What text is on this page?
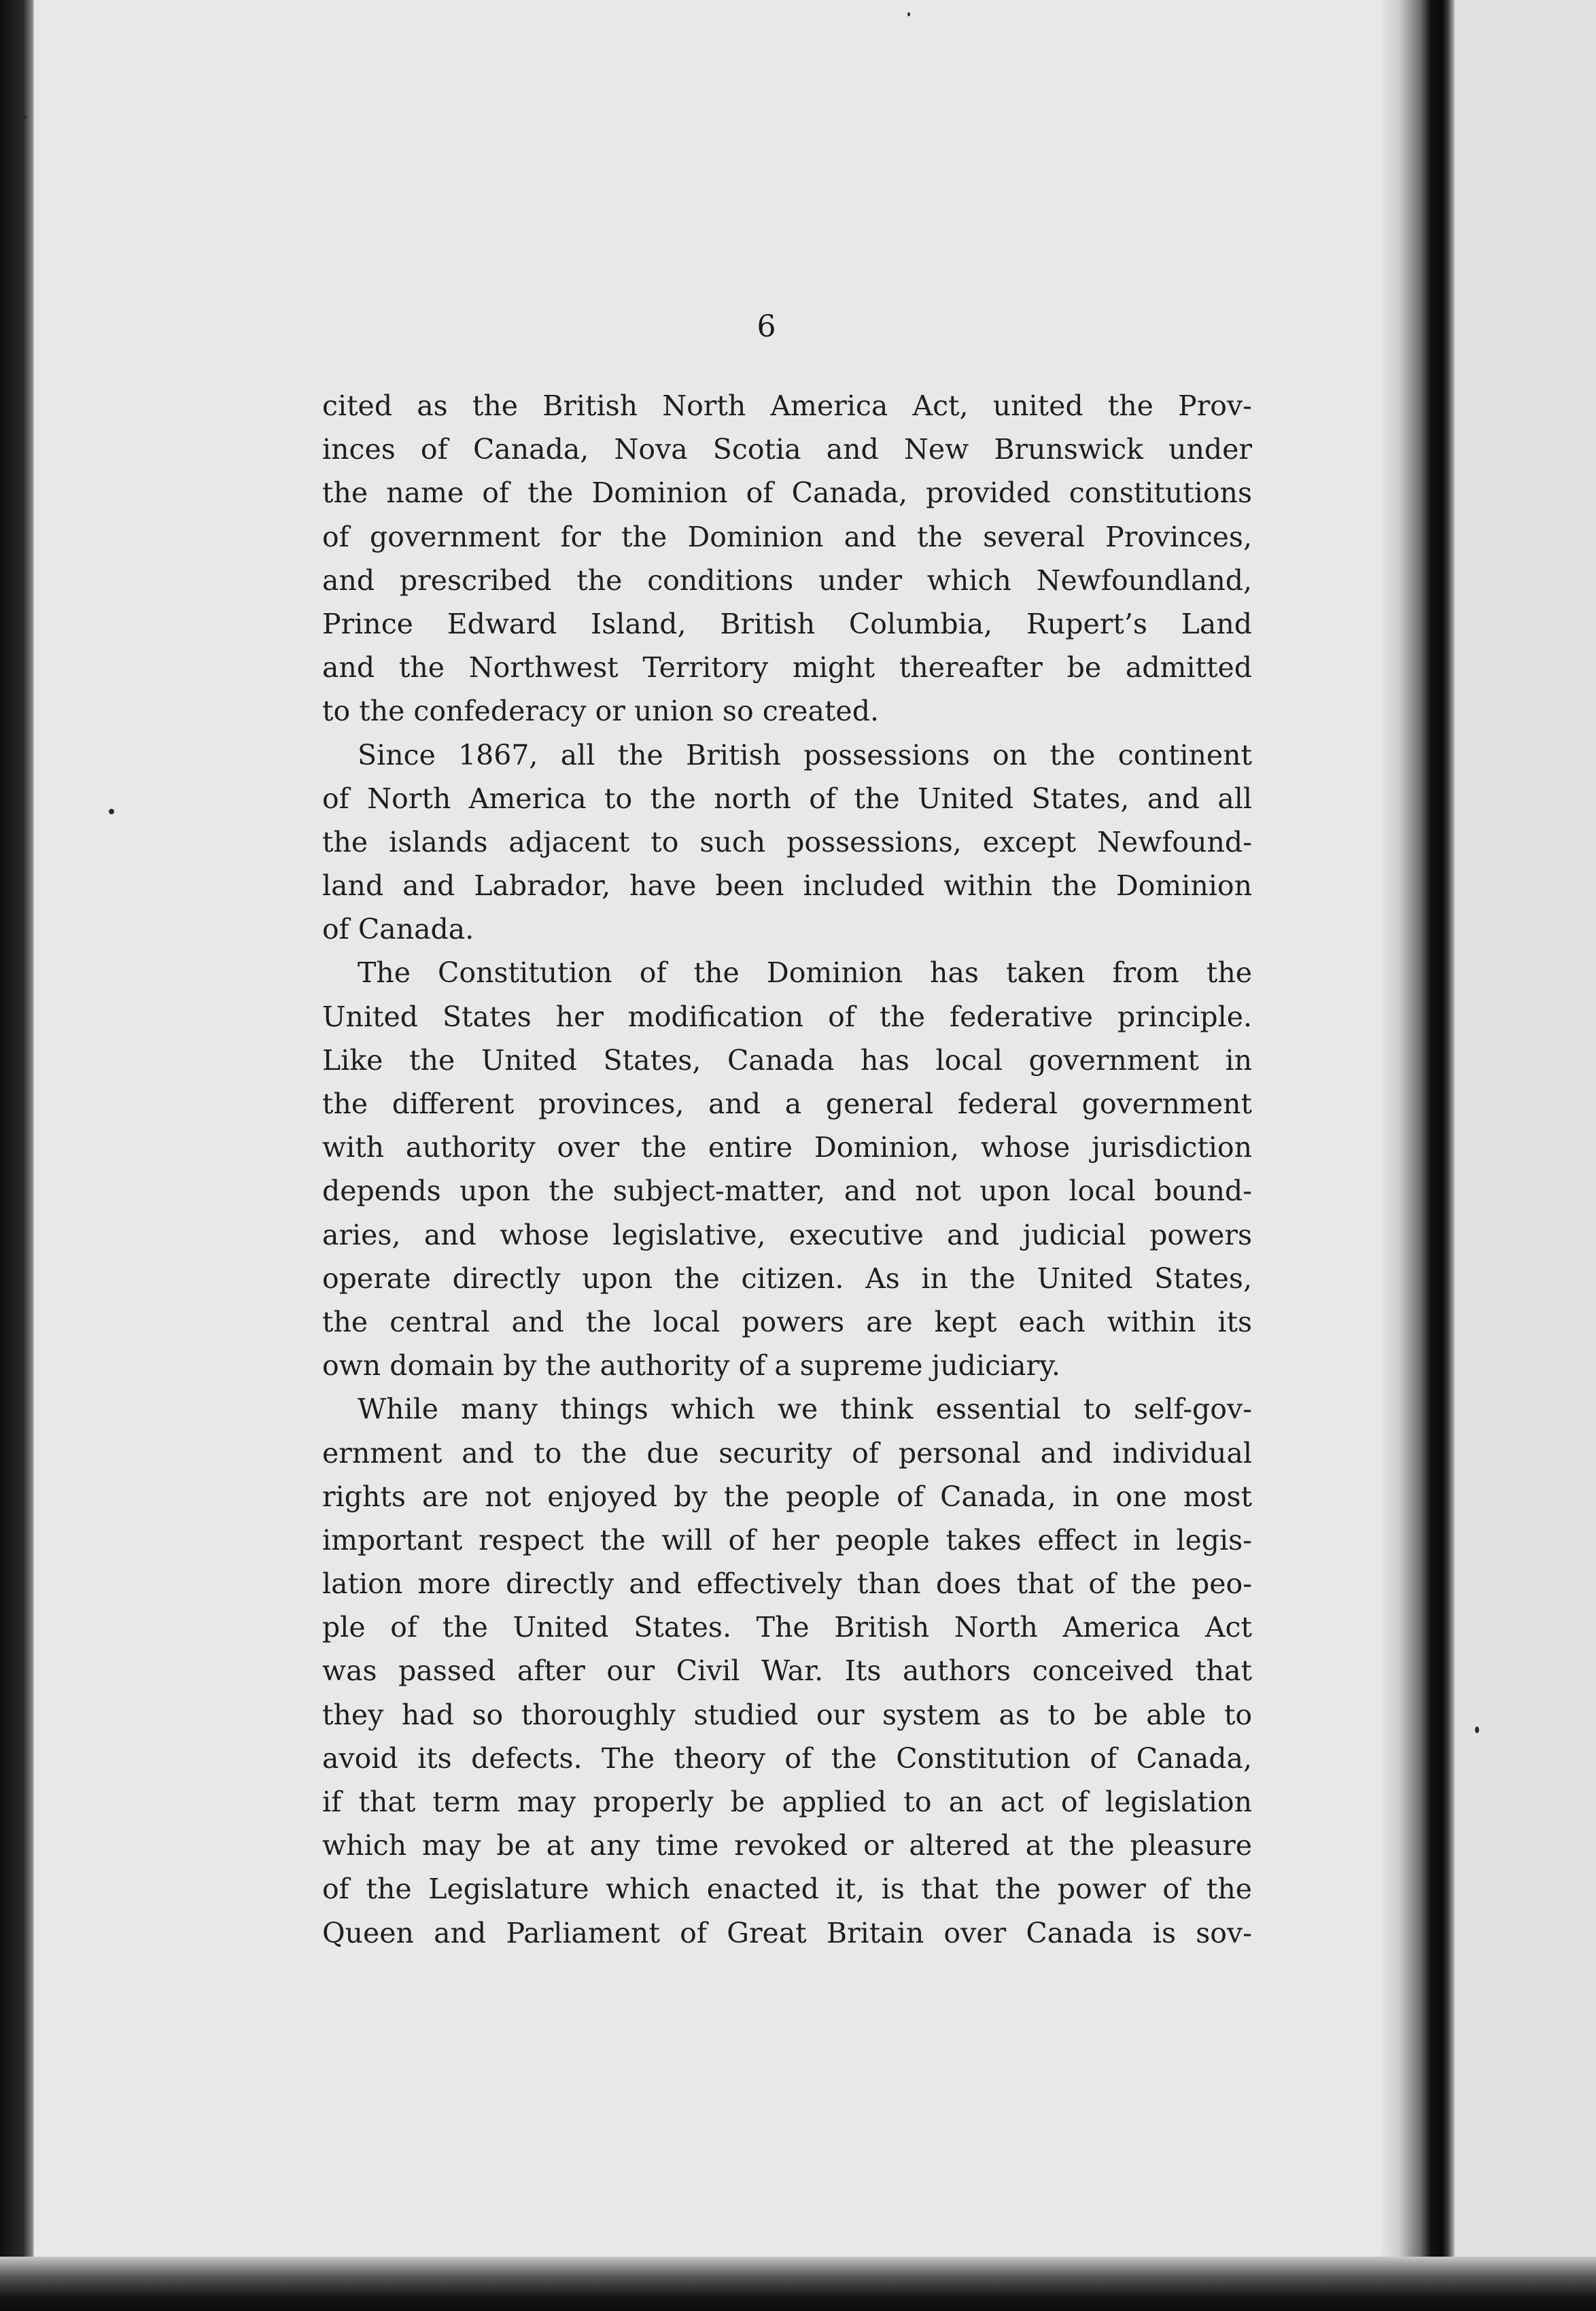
6
cited as the British North America Act, united the Prov-
inces of Canada, Nova Scotia and New Brunswick under
the name of the Dominion of Canada, provided constitutions
of government for the Dominion and the several Provinces,
and prescribed the conditions under which Newfoundland,
Prince Edward Island, British Columbia, Rupert’s Land
and the Northwest Territory might thereafter be admitted
to the confederacy or union so created.
Since 1867, all the British possessions on the continent
of North America to the north of the United States, and all
the islands adjacent to such possessions, except Newfound-
land and Labrador, have been included within the Dominion
of Canada.
The Constitution of the Dominion has taken from the
United States her modification of the federative principle.
Like the United States, Canada has local government in
the different provinces, and a general federal government
with authority over the entire Dominion, whose jurisdiction
depends upon the subject-matter, and not upon local bound-
aries, and whose legislative, executive and judicial powers
operate directly upon the citizen. As in the United States,
the central and the local powers are kept each within its
own domain by the authority of a supreme judiciary.
While many things which we think essential to self-gov-
ernment and to the due security of personal and individual
rights are not enjoyed by the people of Canada, in one most
important respect the will of her people takes effect in legis-
lation more directly and effectively than does that of the peo-
ple of the United States. The British North America Act
was passed after our Civil War. Its authors conceived that
they had so thoroughly studied our system as to be able to
avoid its defects. The theory of the Constitution of Canada,
if that term may properly be applied to an act of legislation
which may be at any time revoked or altered at the pleasure
of the Legislature which enacted it, is that the power of the
Queen and Parliament of Great Britain over Canada is sov-
